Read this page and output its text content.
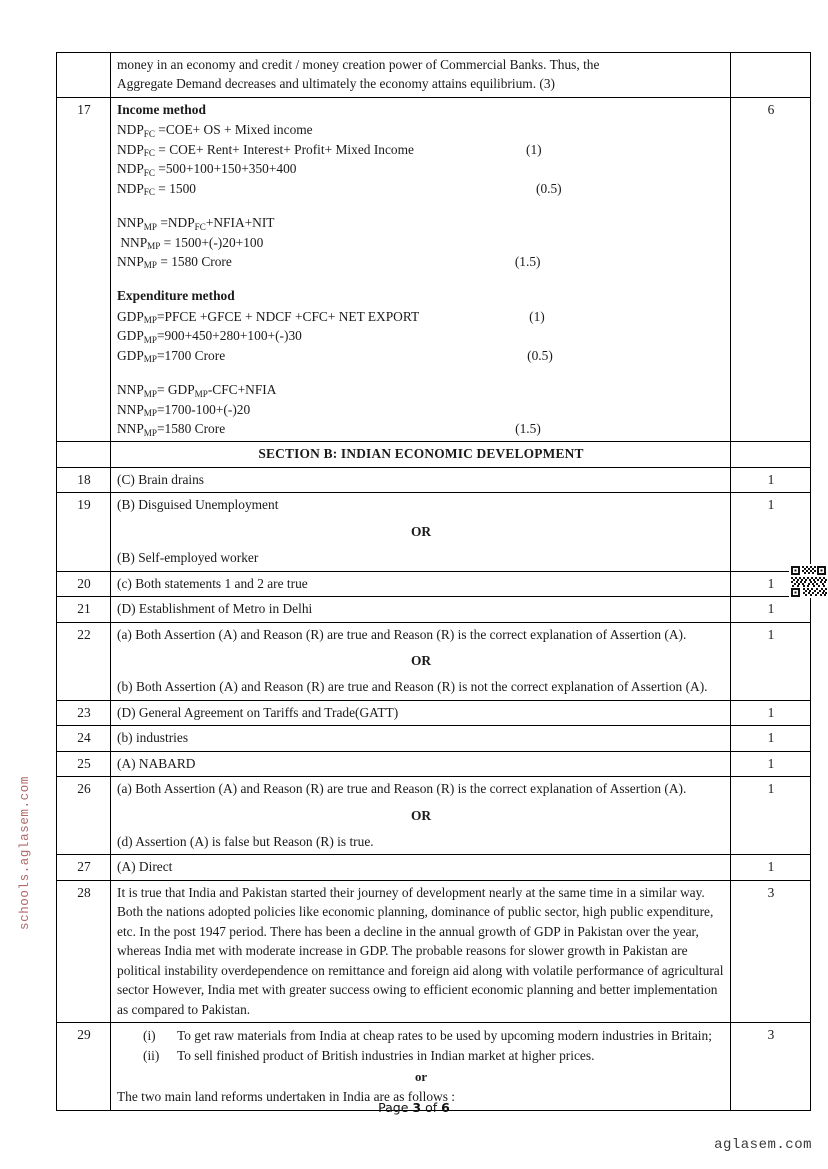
	money in an economy and credit / money creation power of Commercial Banks. Thus, the
Aggregate Demand decreases and ultimately the economy attains equilibrium. (3)	

17	Income method
$NDP_{FC} =COE+$ OS + Mixed income
$NDP_{FC} = COE+$ Rent+ Interest+ Profit+ Mixed Income	(1)
$NDP_{FC} =500+100+150+350+400$
$NDP_{FC} = 1500$	(0.5)
$NNP_{MP}$ $=NDP_{FC}+NFIA+NIT$
$NNP_{MP} = 1500+(-)20+100$
$NNP_{MP} = 1580$ Crore	(1.5)
Expenditure method
$GDP_{MP}=PFCE$ +GFCE + NDCF +CFC+ NET EXPORT	(1)
$GDP_{MP}=900+450+280+100+(-)30$
$GDP_{MP}=1700$ Crore	(0.5)
$NNP_{MP}=$ $GDP_{MP}-CFC+NFIA$
$NNP_{MP}=1700-100+(-)20$
$NNP_{MP}=1580$ Crore	(1.5)
	6
	SECTION B: INDIAN ECONOMIC DEVELOPMENT	
18	(C) Brain drains	1
19	(B) Disguised Unemployment
OR
(B) Self-employed worker	1
20	(c) Both statements 1 and 2 are true	1
21	(D) Establishment of Metro in Delhi	1
22	(a) Both Assertion (A) and Reason (R) are true and Reason (R) is the correct explanation of Assertion (A).
OR
(b) Both Assertion (A) and Reason (R) are true and Reason (R) is not the correct explanation of Assertion (A).	1
23	(D) General Agreement on Tariffs and Trade(GATT)	1
24	(b) industries	1
25	(A) NABARD	1
26	(a) Both Assertion (A) and Reason (R) are true and Reason (R) is the correct explanation of Assertion (A).
OR
(d) Assertion (A) is false but Reason (R) is true.	1
27	(A) Direct	1
28	It is true that India and Pakistan started their journey of development nearly at the same time in a similar way. Both the nations adopted policies like economic planning, dominance of public sector, high public expenditure, etc. In the post 1947 period. There has been a decline in the annual growth of GDP in Pakistan over the year, whereas India met with moderate increase in GDP. The probable reasons for slower growth in Pakistan are political instability overdependence on remittance and foreign aid along with volatile performance of agricultural sector However, India met with greater success owing to efficient economic planning and better implementation as compared to Pakistan.	3
29	(i)	To get raw materials from India at cheap rates to be used by upcoming modern industries in Britain;
(ii)	To sell finished product of British industries in Indian market at higher prices.
or
The two main land reforms undertaken in India are as follows :
	3
schools.aglasem.com
aglasem.com
Page 3 of 6
